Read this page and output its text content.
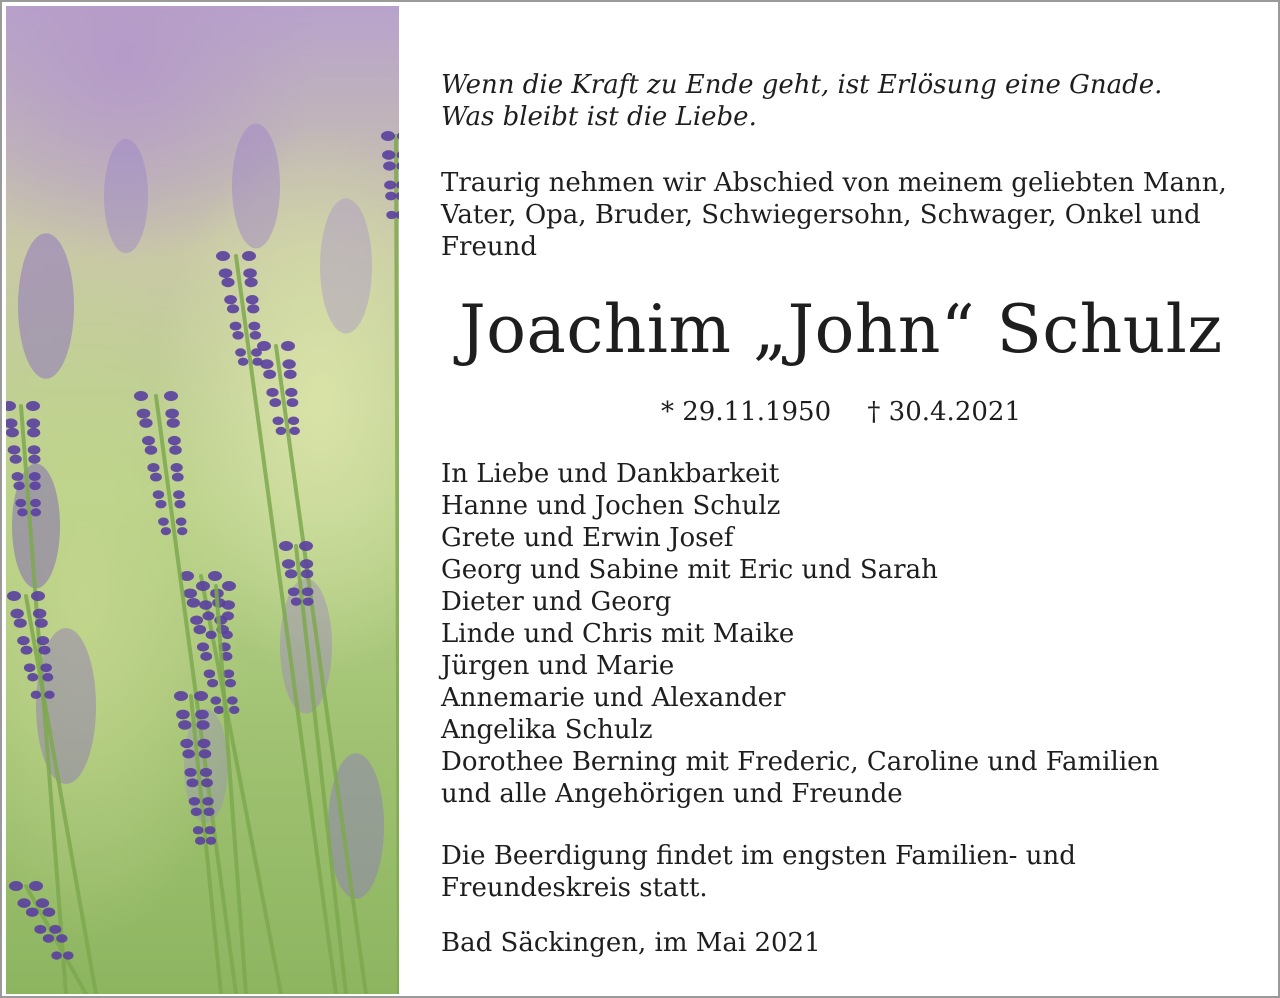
Wenn die Kraft zu Ende geht, ist Erlösung eine Gnade.
Was bleibt ist die Liebe.
Traurig nehmen wir Abschied von meinem geliebten Mann,
Vater, Opa, Bruder, Schwiegersohn, Schwager, Onkel und
Freund
Joachim „John“ Schulz
* 29.11.1950 † 30.4.2021
In Liebe und Dankbarkeit
Hanne und Jochen Schulz
Grete und Erwin Josef
Georg und Sabine mit Eric und Sarah
Dieter und Georg
Linde und Chris mit Maike
Jürgen und Marie
Annemarie und Alexander
Angelika Schulz
Dorothee Berning mit Frederic, Caroline und Familien
und alle Angehörigen und Freunde
Die Beerdigung findet im engsten Familien- und
Freundeskreis statt.
Bad Säckingen, im Mai 2021
